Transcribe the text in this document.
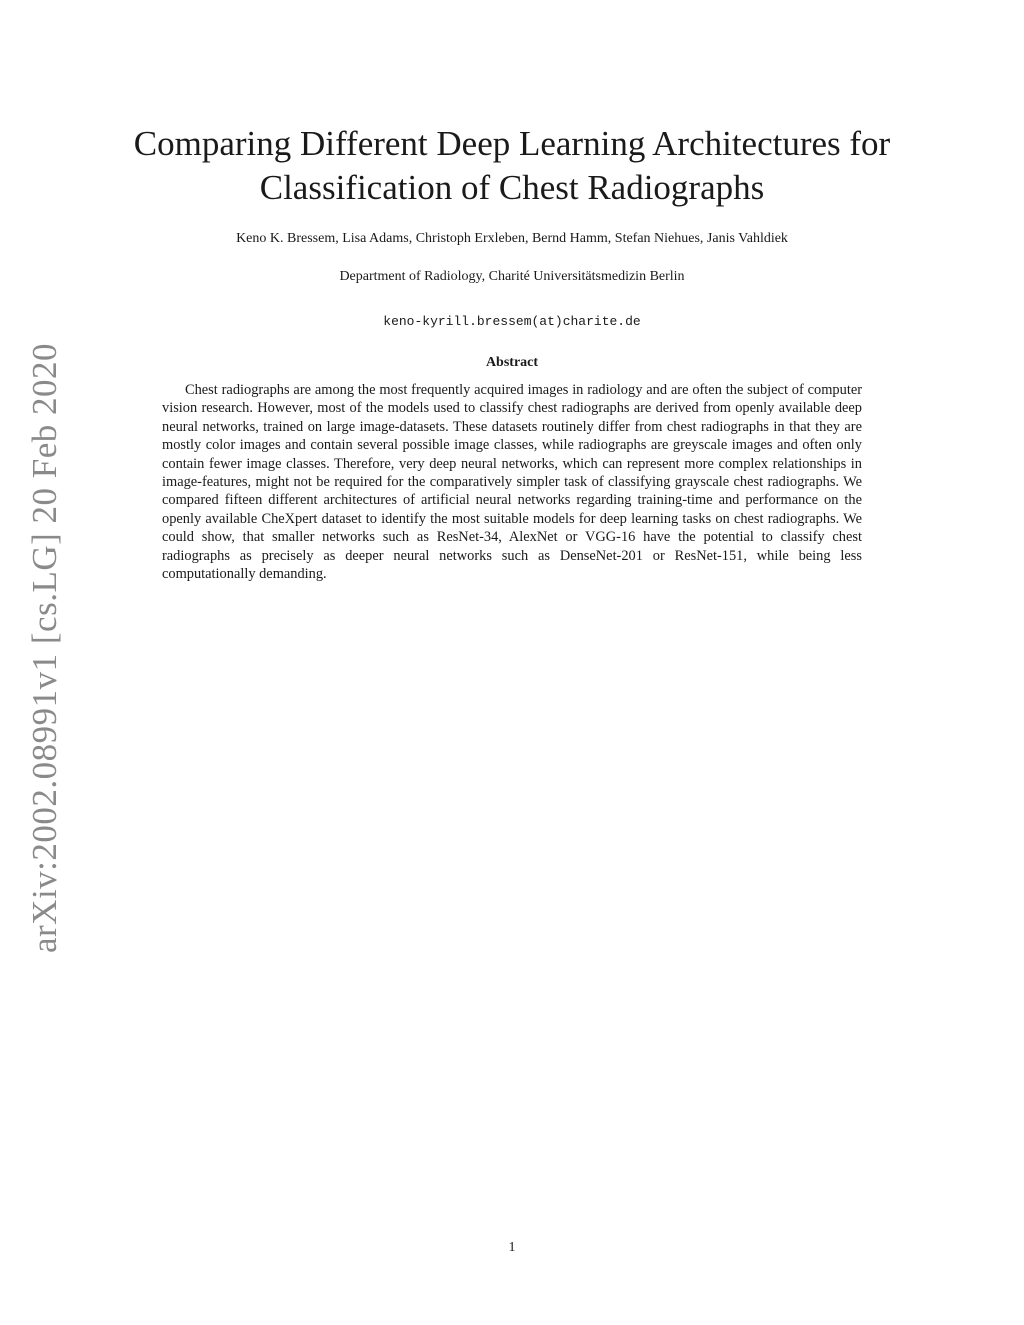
arXiv:2002.08991v1 [cs.LG] 20 Feb 2020
Comparing Different Deep Learning Architectures for
Classification of Chest Radiographs
Keno K. Bressem, Lisa Adams, Christoph Erxleben, Bernd Hamm, Stefan Niehues, Janis Vahldiek
Department of Radiology, Charité Universitätsmedizin Berlin
keno-kyrill.bressem(at)charite.de
Abstract

Chest radiographs are among the most frequently acquired images in radiology and are often the subject of computer vision research. However, most of the models used to classify chest radiographs are derived from openly available deep neural networks, trained on large image-datasets. These datasets routinely differ from chest radiographs in that they are mostly color images and contain several possible image classes, while radiographs are greyscale images and often only contain fewer image classes. Therefore, very deep neural networks, which can represent more complex relationships in image-features, might not be required for the comparatively simpler task of classifying grayscale chest radiographs. We compared fifteen different architectures of artificial neural networks regarding training-time and performance on the openly available CheXpert dataset to identify the most suitable models for deep learning tasks on chest radiographs. We could show, that smaller networks such as ResNet-34, AlexNet or VGG-16 have the potential to classify chest radiographs as precisely as deeper neural networks such as DenseNet-201 or ResNet-151, while being less computationally demanding.

1
